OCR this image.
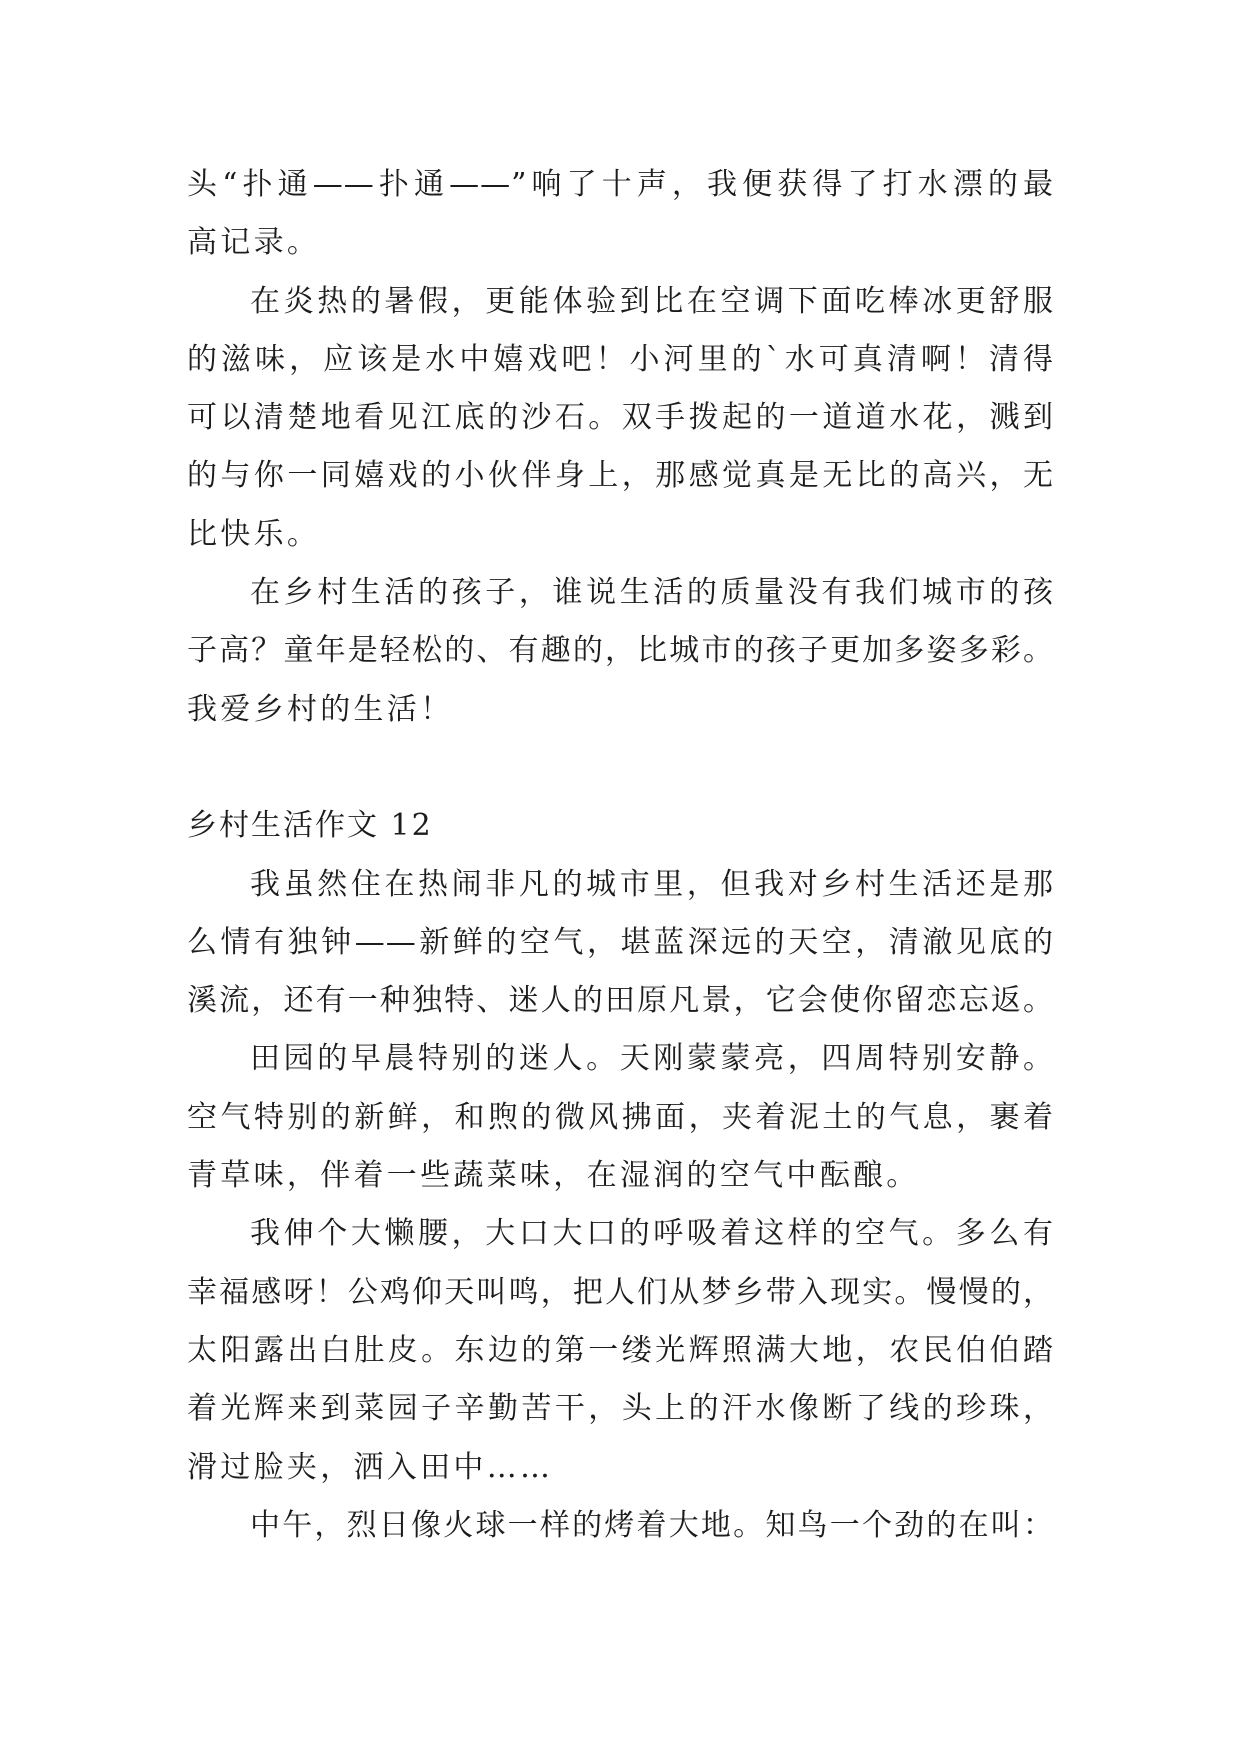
头“扑通——扑通——”响了十声，我便获得了打水漂的最
高记录。
在炎热的暑假，更能体验到比在空调下面吃棒冰更舒服
的滋味，应该是水中嬉戏吧！小河里的`水可真清啊！清得
可以清楚地看见江底的沙石。双手拨起的一道道水花，溅到
的与你一同嬉戏的小伙伴身上，那感觉真是无比的高兴，无
比快乐。
在乡村生活的孩子，谁说生活的质量没有我们城市的孩
子高？童年是轻松的、有趣的，比城市的孩子更加多姿多彩。
我爱乡村的生活！
乡村生活作文 12
我虽然住在热闹非凡的城市里，但我对乡村生活还是那
么情有独钟——新鲜的空气，堪蓝深远的天空，清澈见底的
溪流，还有一种独特、迷人的田原凡景，它会使你留恋忘返。
田园的早晨特别的迷人。天刚蒙蒙亮，四周特别安静。
空气特别的新鲜，和煦的微风拂面，夹着泥土的气息，裹着
青草味，伴着一些蔬菜味，在湿润的空气中酝酿。
我伸个大懒腰，大口大口的呼吸着这样的空气。多么有
幸福感呀！公鸡仰天叫鸣，把人们从梦乡带入现实。慢慢的，
太阳露出白肚皮。东边的第一缕光辉照满大地，农民伯伯踏
着光辉来到菜园子辛勤苦干，头上的汗水像断了线的珍珠，
滑过脸夹，洒入田中……
中午，烈日像火球一样的烤着大地。知鸟一个劲的在叫：
